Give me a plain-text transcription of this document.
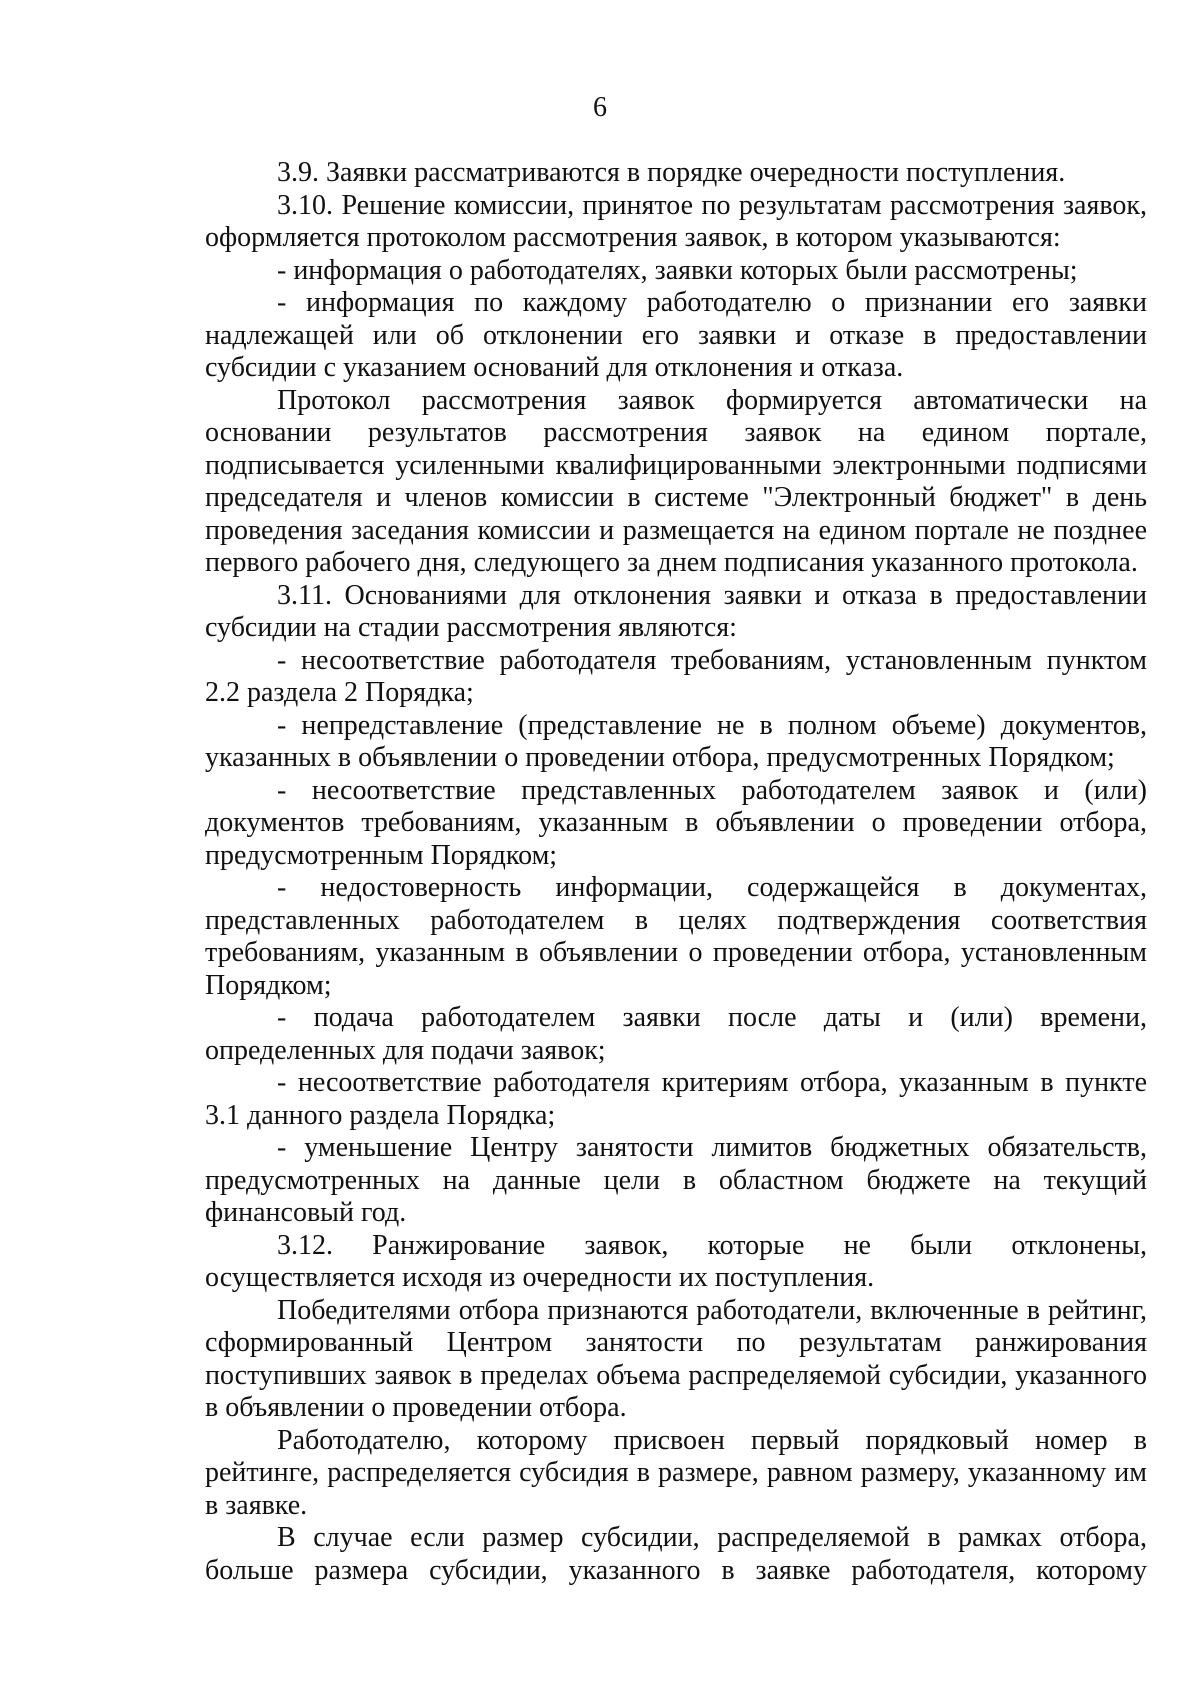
6

3.9. Заявки рассматриваются в порядке очередности поступления.

3.10. Решение комиссии, принятое по результатам рассмотрения заявок, оформляется протоколом рассмотрения заявок, в котором указываются:

- информация о работодателях, заявки которых были рассмотрены;

- информация по каждому работодателю о признании его заявки надлежащей или об отклонении его заявки и отказе в предоставлении субсидии с указанием оснований для отклонения и отказа.

Протокол рассмотрения заявок формируется автоматически на основании результатов рассмотрения заявок на едином портале, подписывается усиленными квалифицированными электронными подписями председателя и членов комиссии в системе "Электронный бюджет" в день проведения заседания комиссии и размещается на едином портале не позднее первого рабочего дня, следующего за днем подписания указанного протокола.

3.11. Основаниями для отклонения заявки и отказа в предоставлении субсидии на стадии рассмотрения являются:

- несоответствие работодателя требованиям, установленным пунктом 2.2 раздела 2 Порядка;

- непредставление (представление не в полном объеме) документов, указанных в объявлении о проведении отбора, предусмотренных Порядком;

- несоответствие представленных работодателем заявок и (или) документов требованиям, указанным в объявлении о проведении отбора, предусмотренным Порядком;

- недостоверность информации, содержащейся в документах, представленных работодателем в целях подтверждения соответствия требованиям, указанным в объявлении о проведении отбора, установленным Порядком;

- подача работодателем заявки после даты и (или) времени, определенных для подачи заявок;

- несоответствие работодателя критериям отбора, указанным в пункте 3.1 данного раздела Порядка;

- уменьшение Центру занятости лимитов бюджетных обязательств, предусмотренных на данные цели в областном бюджете на текущий финансовый год.

3.12. Ранжирование заявок, которые не были отклонены, осуществляется исходя из очередности их поступления.

Победителями отбора признаются работодатели, включенные в рейтинг, сформированный Центром занятости по результатам ранжирования поступивших заявок в пределах объема распределяемой субсидии, указанного в объявлении о проведении отбора.

Работодателю, которому присвоен первый порядковый номер в рейтинге, распределяется субсидия в размере, равном размеру, указанному им в заявке.

В случае если размер субсидии, распределяемой в рамках отбора, больше размера субсидии, указанного в заявке работодателя, которому
